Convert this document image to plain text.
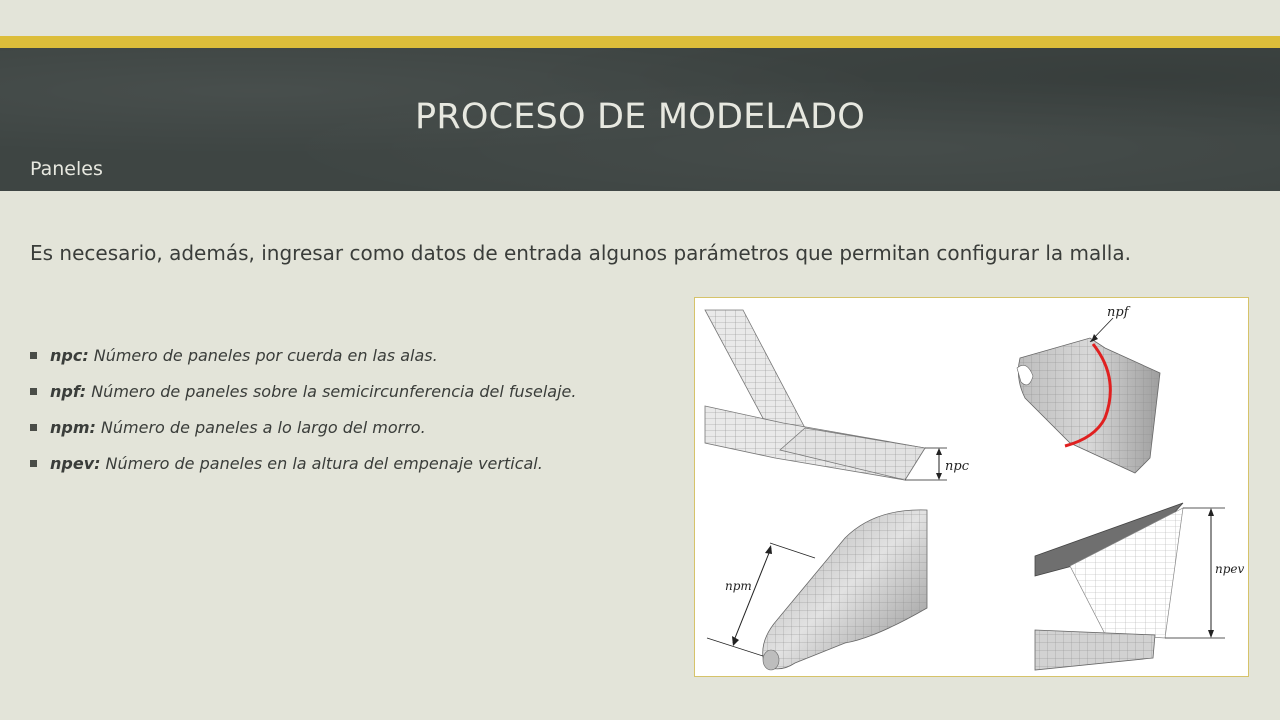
PROCESO DE MODELADO
Paneles
Es necesario, además, ingresar como datos de entrada algunos parámetros que permitan configurar la malla.
npc: Número de paneles por cuerda en las alas.
npf: Número de paneles sobre la semicircunferencia del fuselaje.
npm: Número de paneles a lo largo del morro.
npev: Número de paneles en la altura del empenaje vertical.	npc
npf
npm
npev
